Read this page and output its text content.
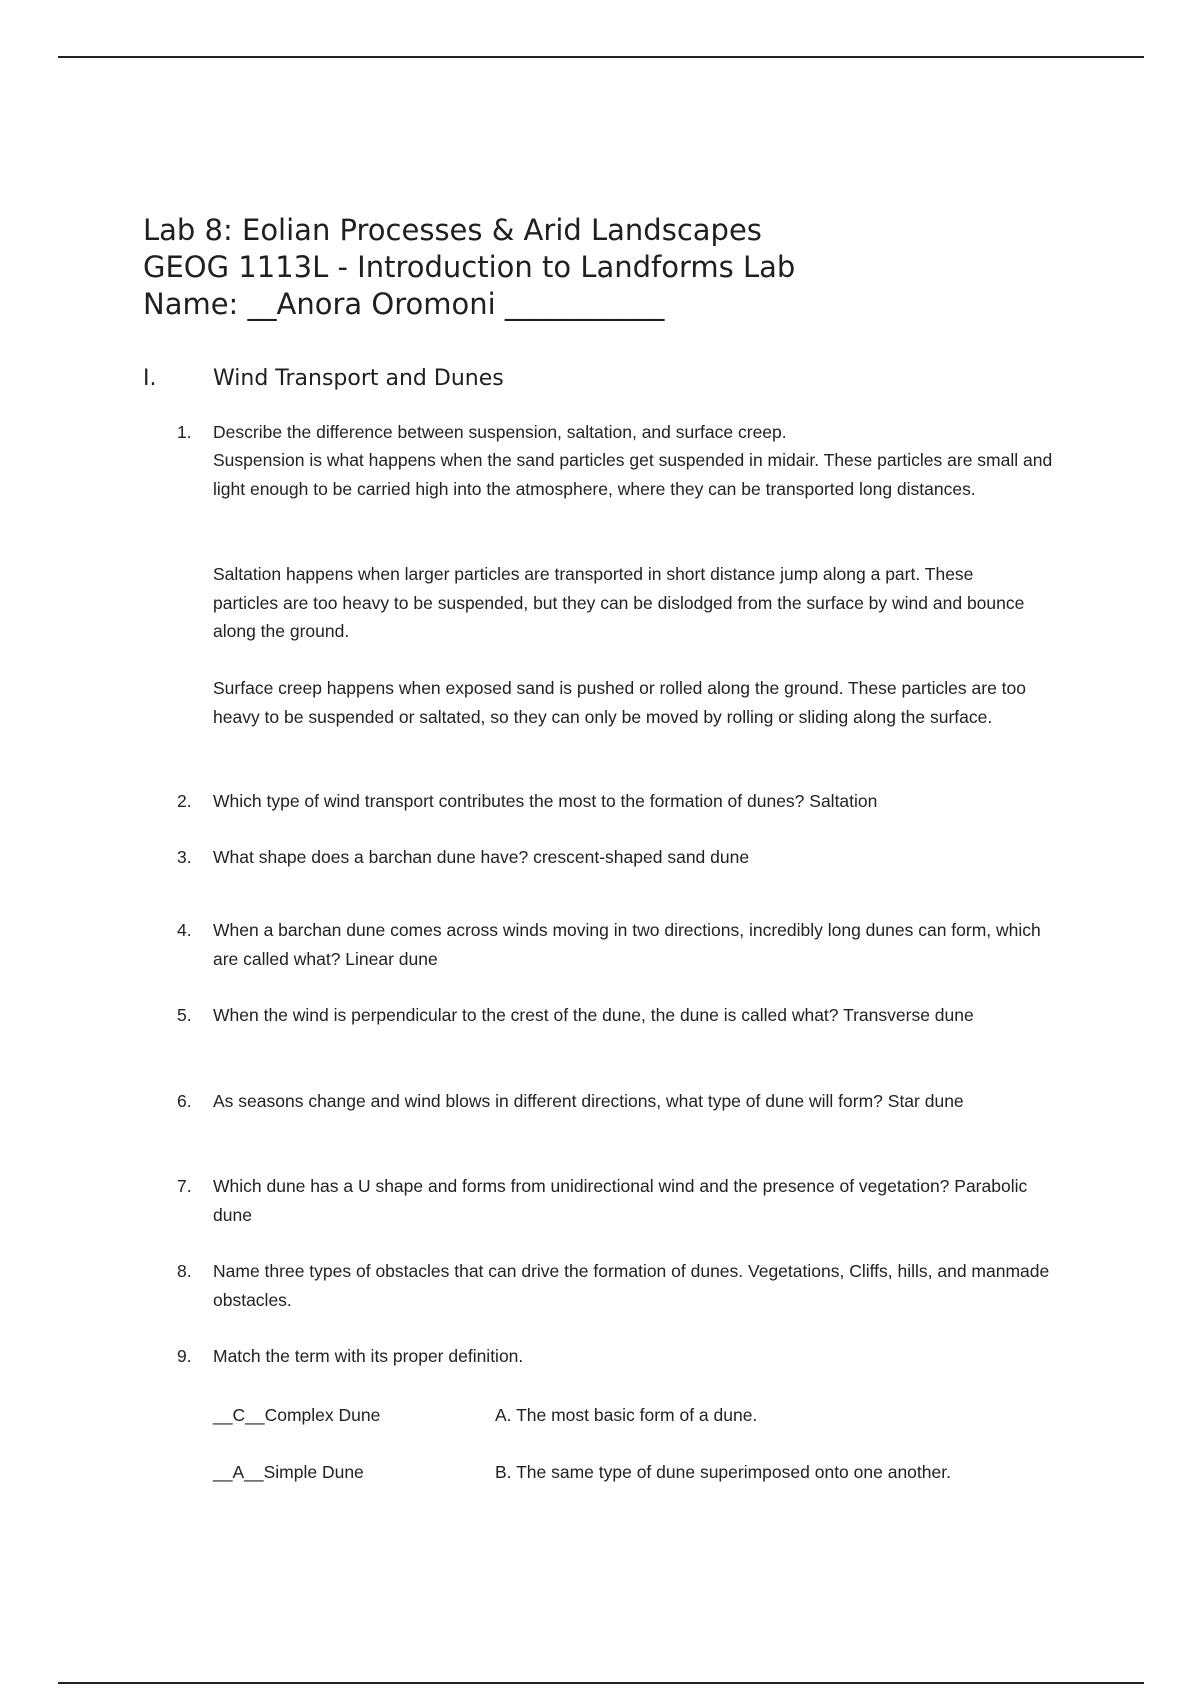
Lab 8: Eolian Processes & Arid Landscapes
GEOG 1113L - Introduction to Landforms Lab
Name: __Anora Oromoni ___________
I.	Wind Transport and Dunes
1.	Describe the difference between suspension, saltation, and surface creep.
Suspension is what happens when the sand particles get suspended in midair. These particles are small and light enough to be carried high into the atmosphere, where they can be transported long distances.
Saltation happens when larger particles are transported in short distance jump along a part. These particles are too heavy to be suspended, but they can be dislodged from the surface by wind and bounce along the ground.
Surface creep happens when exposed sand is pushed or rolled along the ground. These particles are too heavy to be suspended or saltated, so they can only be moved by rolling or sliding along the surface.
2.	Which type of wind transport contributes the most to the formation of dunes? Saltation
3.	What shape does a barchan dune have? crescent-shaped sand dune
4.	When a barchan dune comes across winds moving in two directions, incredibly long dunes can form, which are called what? Linear dune
5.	When the wind is perpendicular to the crest of the dune, the dune is called what? Transverse dune
6.	As seasons change and wind blows in different directions, what type of dune will form? Star dune
7.	Which dune has a U shape and forms from unidirectional wind and the presence of vegetation? Parabolic dune
8.	Name three types of obstacles that can drive the formation of dunes. Vegetations, Cliffs, hills, and manmade obstacles.
9.	Match the term with its proper definition.
__C__Complex Dune	A. The most basic form of a dune.
__A__Simple Dune	B. The same type of dune superimposed onto one another.
